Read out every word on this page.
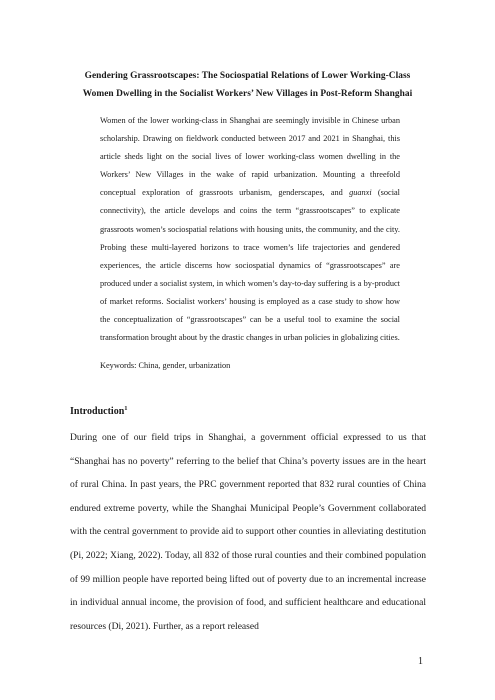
Gendering Grassrootscapes: The Sociospatial Relations of Lower Working-Class
Women Dwelling in the Socialist Workers’ New Villages in Post-Reform Shanghai

Women of the lower working-class in Shanghai are seemingly invisible in Chinese urban scholarship. Drawing on fieldwork conducted between 2017 and 2021 in Shanghai, this article sheds light on the social lives of lower working-class women dwelling in the Workers’ New Villages in the wake of rapid urbanization. Mounting a threefold conceptual exploration of grassroots urbanism, genderscapes, and guanxi (social connectivity), the article develops and coins the term “grassrootscapes” to explicate grassroots women’s sociospatial relations with housing units, the community, and the city. Probing these multi-layered horizons to trace women’s life trajectories and gendered experiences, the article discerns how sociospatial dynamics of “grassrootscapes” are produced under a socialist system, in which women’s day-to-day suffering is a by-product of market reforms. Socialist workers’ housing is employed as a case study to show how the conceptualization of “grassrootscapes” can be a useful tool to examine the social transformation brought about by the drastic changes in urban policies in globalizing cities.

Keywords: China, gender, urbanization
Introduction$^1$

During one of our field trips in Shanghai, a government official expressed to us that “Shanghai has no poverty” referring to the belief that China’s poverty issues are in the heart of rural China. In past years, the PRC government reported that 832 rural counties of China endured extreme poverty, while the Shanghai Municipal People’s Government collaborated with the central government to provide aid to support other counties in alleviating destitution (Pi, 2022; Xiang, 2022). Today, all 832 of those rural counties and their combined population of 99 million people have reported being lifted out of poverty due to an incremental increase in individual annual income, the provision of food, and sufficient healthcare and educational resources (Di, 2021). Further, as a report released

1
